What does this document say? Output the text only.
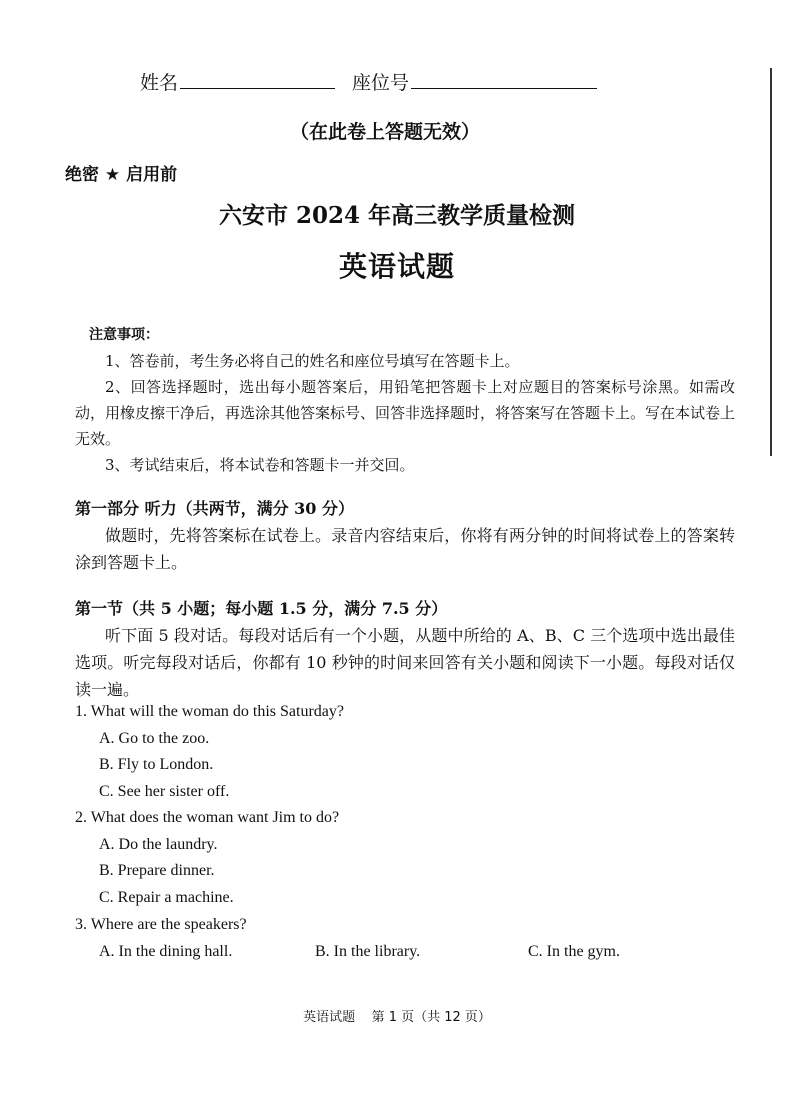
姓名	座位号
（在此卷上答题无效）
绝密 ★ 启用前
六安市 2024 年高三教学质量检测
英语试题

注意事项：

1、答卷前，考生务必将自己的姓名和座位号填写在答题卡上。

2、回答选择题时，选出每小题答案后，用铅笔把答题卡上对应题目的答案标号涂黑。如需改动，用橡皮擦干净后，再选涂其他答案标号、回答非选择题时，将答案写在答题卡上。写在本试卷上无效。

3、考试结束后，将本试卷和答题卡一并交回。

第一部分 听力（共两节，满分 30 分）

做题时，先将答案标在试卷上。录音内容结束后，你将有两分钟的时间将试卷上的答案转涂到答题卡上。

第一节（共 5 小题；每小题 1.5 分，满分 7.5 分）

听下面 5 段对话。每段对话后有一个小题，从题中所给的 A、B、C 三个选项中选出最佳选项。听完每段对话后，你都有 10 秒钟的时间来回答有关小题和阅读下一小题。每段对话仅读一遍。

1. What will the woman do this Saturday?
A. Go to the zoo.
B. Fly to London.
C. See her sister off.
2. What does the woman want Jim to do?
A. Do the laundry.
B. Prepare dinner.
C. Repair a machine.
3. Where are the speakers?
A. In the dining hall.	B. In the library.	C. In the gym.
英语试题    第 1 页（共 12 页）
